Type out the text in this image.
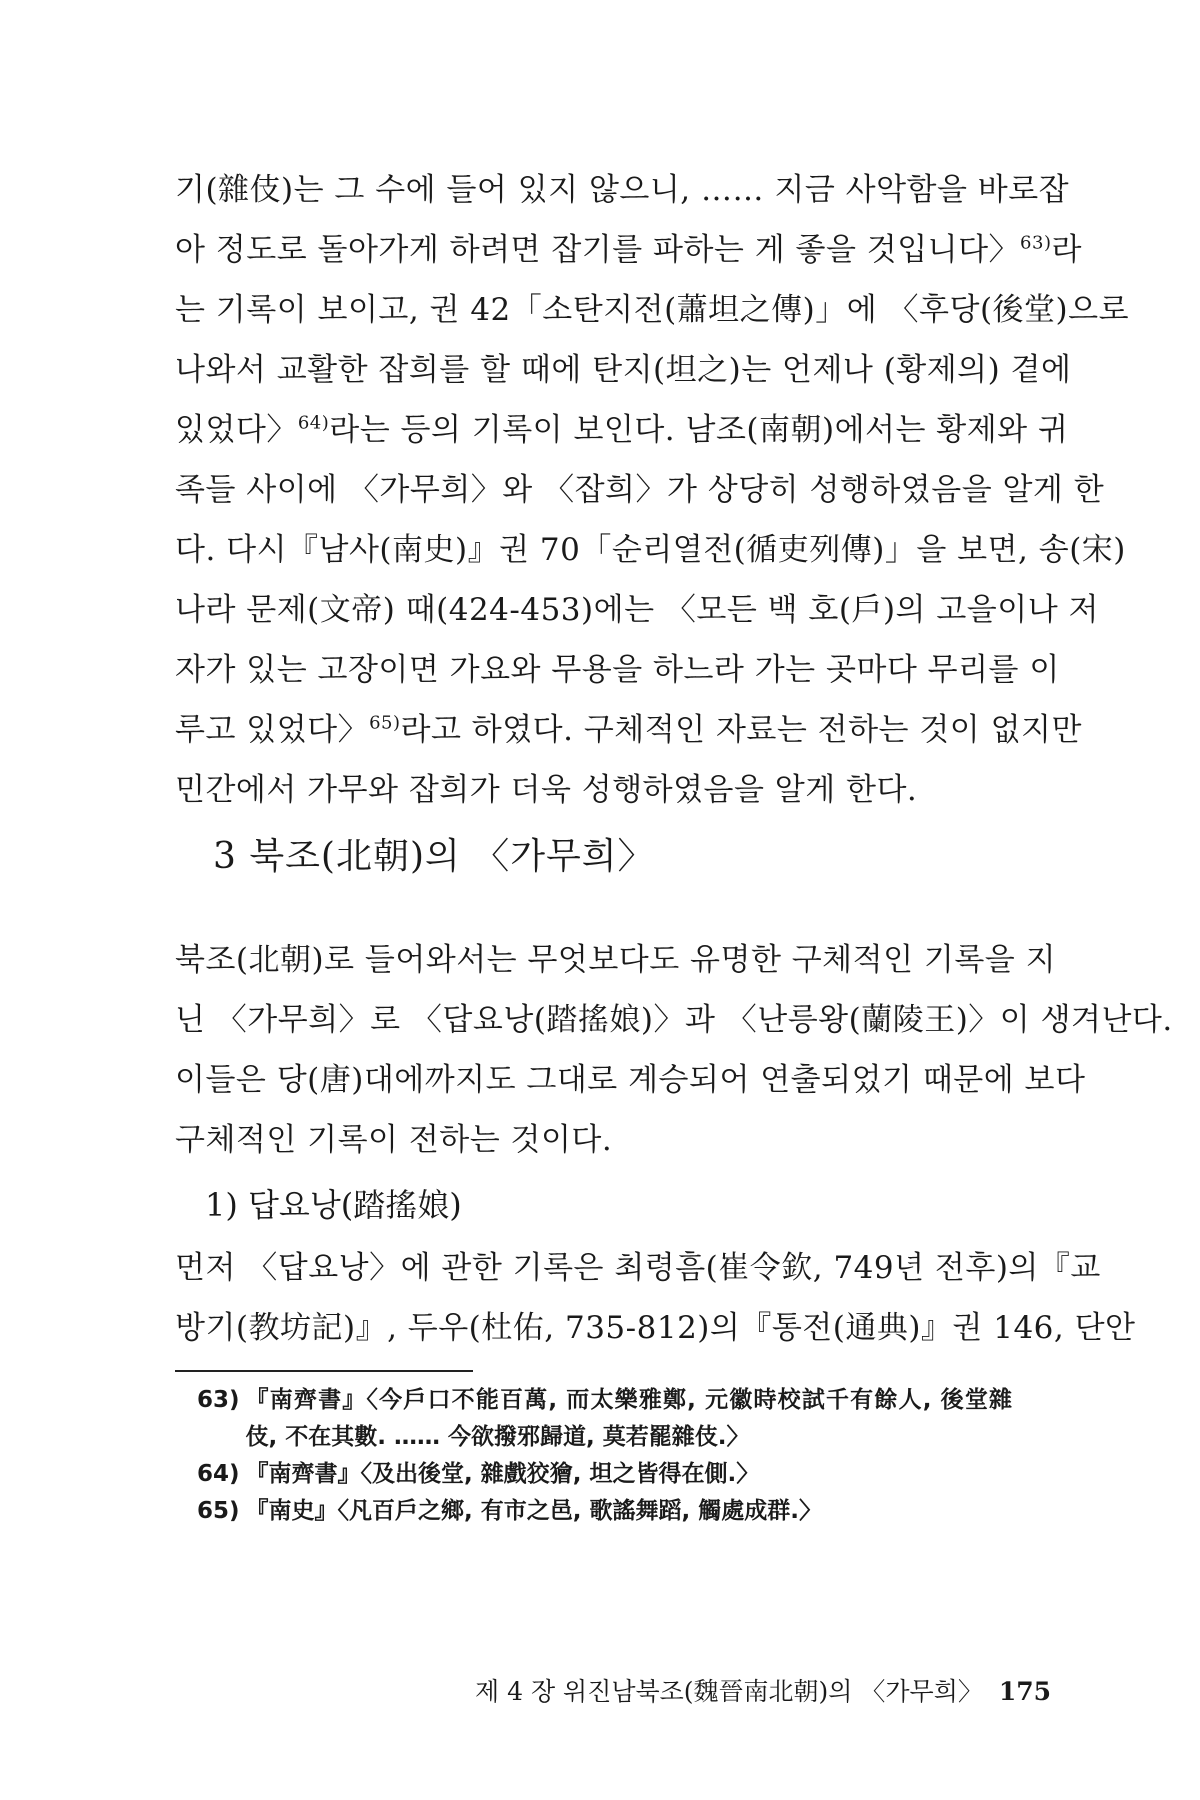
기(雜伎)는 그 수에 들어 있지 않으니, …… 지금 사악함을 바로잡
아 정도로 돌아가게 하려면 잡기를 파하는 게 좋을 것입니다〉$^{63)}$라
는 기록이 보이고, 권 42「소탄지전(蕭坦之傳)」에 〈후당(後堂)으로
나와서 교활한 잡희를 할 때에 탄지(坦之)는 언제나 (황제의) 곁에
있었다〉$^{64)}$라는 등의 기록이 보인다. 남조(南朝)에서는 황제와 귀
족들 사이에 〈가무희〉와 〈잡희〉가 상당히 성행하였음을 알게 한
다. 다시『남사(南史)』권 70「순리열전(循吏列傳)」을 보면, 송(宋)
나라 문제(文帝) 때(424-453)에는 〈모든 백 호(戶)의 고을이나 저
자가 있는 고장이면 가요와 무용을 하느라 가는 곳마다 무리를 이
루고 있었다〉$^{65)}$라고 하였다. 구체적인 자료는 전하는 것이 없지만
민간에서 가무와 잡희가 더욱 성행하였음을 알게 한다.
3 북조(北朝)의 〈가무희〉
북조(北朝)로 들어와서는 무엇보다도 유명한 구체적인 기록을 지
닌 〈가무희〉로 〈답요낭(踏搖娘)〉과 〈난릉왕(蘭陵王)〉이 생겨난다.
이들은 당(唐)대에까지도 그대로 계승되어 연출되었기 때문에 보다
구체적인 기록이 전하는 것이다.
1) 답요낭(踏搖娘)
먼저 〈답요낭〉에 관한 기록은 최령흠(崔令欽, 749년 전후)의『교
방기(教坊記)』, 두우(杜佑, 735-812)의『통전(通典)』권 146, 단안
63) 『南齊書』〈今戶口不能百萬, 而太樂雅鄭, 元徽時校試千有餘人, 後堂雜
伎, 不在其數. …… 今欲撥邪歸道, 莫若罷雜伎.〉
64) 『南齊書』〈及出後堂, 雜戲狡獪, 坦之皆得在側.〉
65) 『南史』〈凡百戶之鄉, 有市之邑, 歌謠舞蹈, 觸處成群.〉
제 4 장 위진남북조(魏晉南北朝)의 〈가무희〉 175
